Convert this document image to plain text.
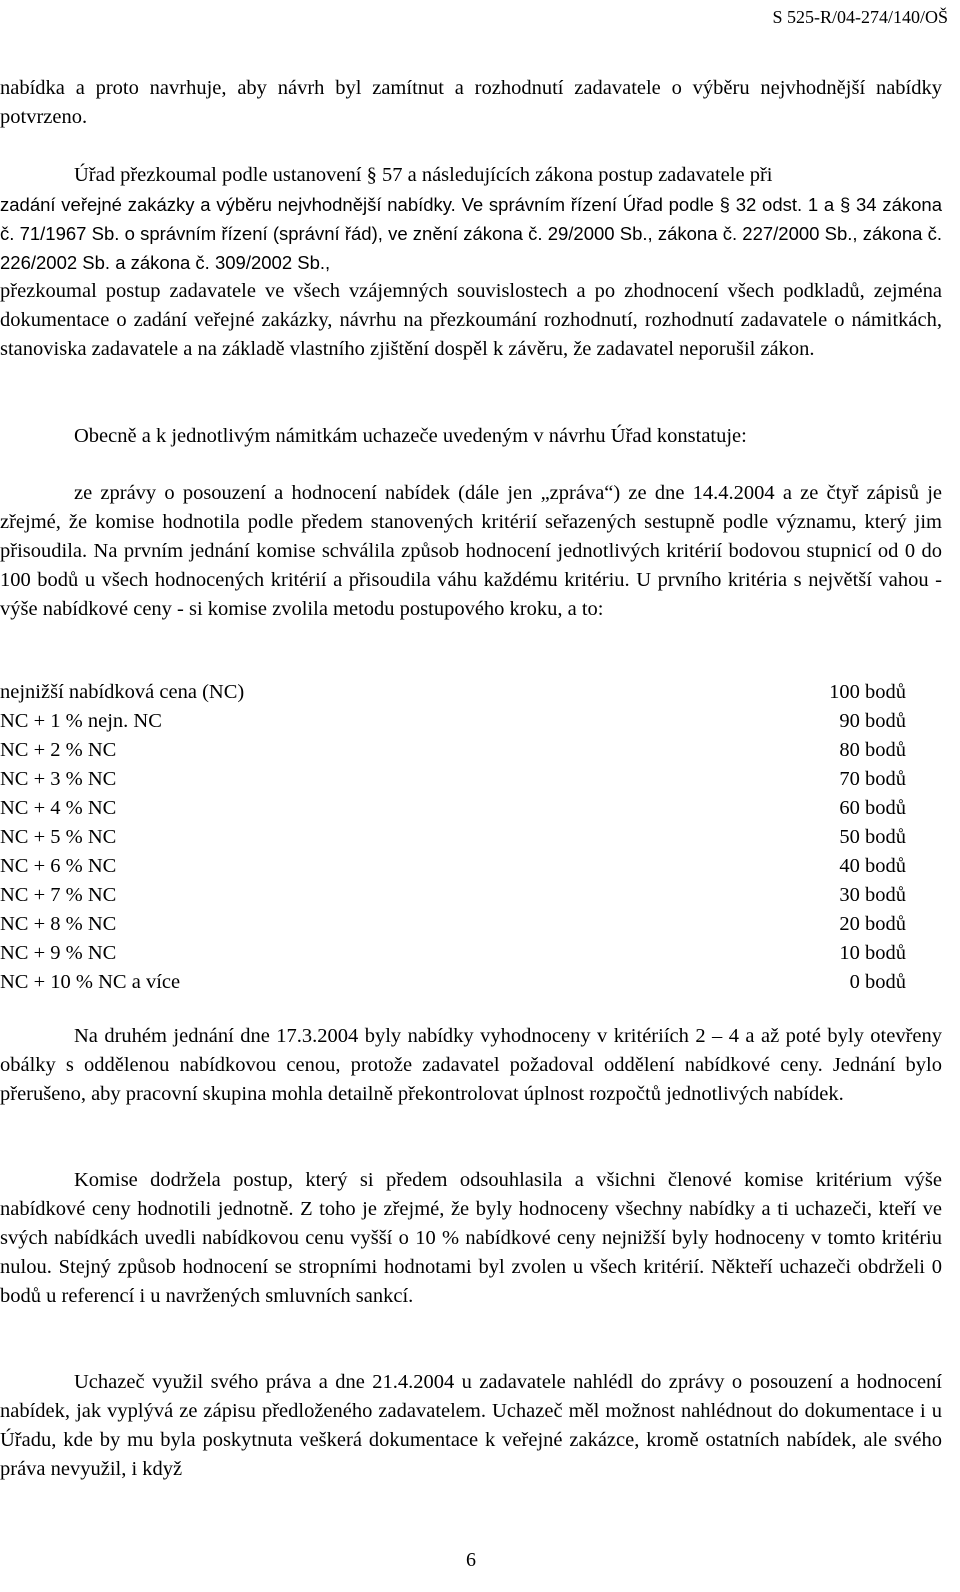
S 525-R/04-274/140/OŠ

nabídka a proto navrhuje, aby návrh byl zamítnut a rozhodnutí zadavatele o výběru nejvhodnější nabídky potvrzeno.

Úřad přezkoumal podle ustanovení § 57 a následujících zákona postup zadavatele při

zadání veřejné zakázky a výběru nejvhodnější nabídky. Ve správním řízení Úřad podle § 32 odst. 1 a § 34 zákona č. 71/1967 Sb. o správním řízení (správní řád), ve znění zákona č. 29/2000 Sb., zákona č. 227/2000 Sb., zákona č. 226/2002 Sb. a zákona č. 309/2002 Sb.,

přezkoumal postup zadavatele ve všech vzájemných souvislostech a po zhodnocení všech podkladů, zejména dokumentace o zadání veřejné zakázky, návrhu na přezkoumání rozhodnutí, rozhodnutí zadavatele o námitkách, stanoviska zadavatele a na základě vlastního zjištění dospěl k závěru, že zadavatel neporušil zákon.

Obecně a k jednotlivým námitkám uchazeče uvedeným v návrhu Úřad konstatuje:

ze zprávy o posouzení a hodnocení nabídek (dále jen „zpráva“) ze dne 14.4.2004 a ze čtyř zápisů je zřejmé, že komise hodnotila podle předem stanovených kritérií seřazených sestupně podle významu, který jim přisoudila. Na prvním jednání komise schválila způsob hodnocení jednotlivých kritérií bodovou stupnicí od 0 do 100 bodů u všech hodnocených kritérií a přisoudila váhu každému kritériu. U prvního kritéria s největší vahou - výše nabídkové ceny - si komise zvolila metodu postupového kroku, a to:

nejnižší nabídková cena (NC)	100 bodů
NC + 1 % nejn. NC	90 bodů
NC + 2 % NC	80 bodů
NC + 3 % NC	70 bodů
NC + 4 % NC	60 bodů
NC + 5 % NC	50 bodů
NC + 6 % NC	40 bodů
NC + 7 % NC	30 bodů
NC + 8 % NC	20 bodů
NC + 9 % NC	10 bodů
NC + 10 % NC a více	0 bodů

Na druhém jednání dne 17.3.2004 byly nabídky vyhodnoceny v kritériích 2 – 4 a až poté byly otevřeny obálky s oddělenou nabídkovou cenou, protože zadavatel požadoval oddělení nabídkové ceny. Jednání bylo přerušeno, aby pracovní skupina mohla detailně překontrolovat úplnost rozpočtů jednotlivých nabídek.

Komise dodržela postup, který si předem odsouhlasila a všichni členové komise kritérium výše nabídkové ceny hodnotili jednotně. Z toho je zřejmé, že byly hodnoceny všechny nabídky a ti uchazeči, kteří ve svých nabídkách uvedli nabídkovou cenu vyšší o 10 % nabídkové ceny nejnižší byly hodnoceny v tomto kritériu nulou. Stejný způsob hodnocení se stropními hodnotami byl zvolen u všech kritérií. Někteří uchazeči obdrželi 0 bodů u referencí i u navržených smluvních sankcí.

Uchazeč využil svého práva a dne 21.4.2004 u zadavatele nahlédl do zprávy o posouzení a hodnocení nabídek, jak vyplývá ze zápisu předloženého zadavatelem. Uchazeč měl možnost nahlédnout do dokumentace i u Úřadu, kde by mu byla poskytnuta veškerá dokumentace k veřejné zakázce, kromě ostatních nabídek, ale svého práva nevyužil, i když

6
